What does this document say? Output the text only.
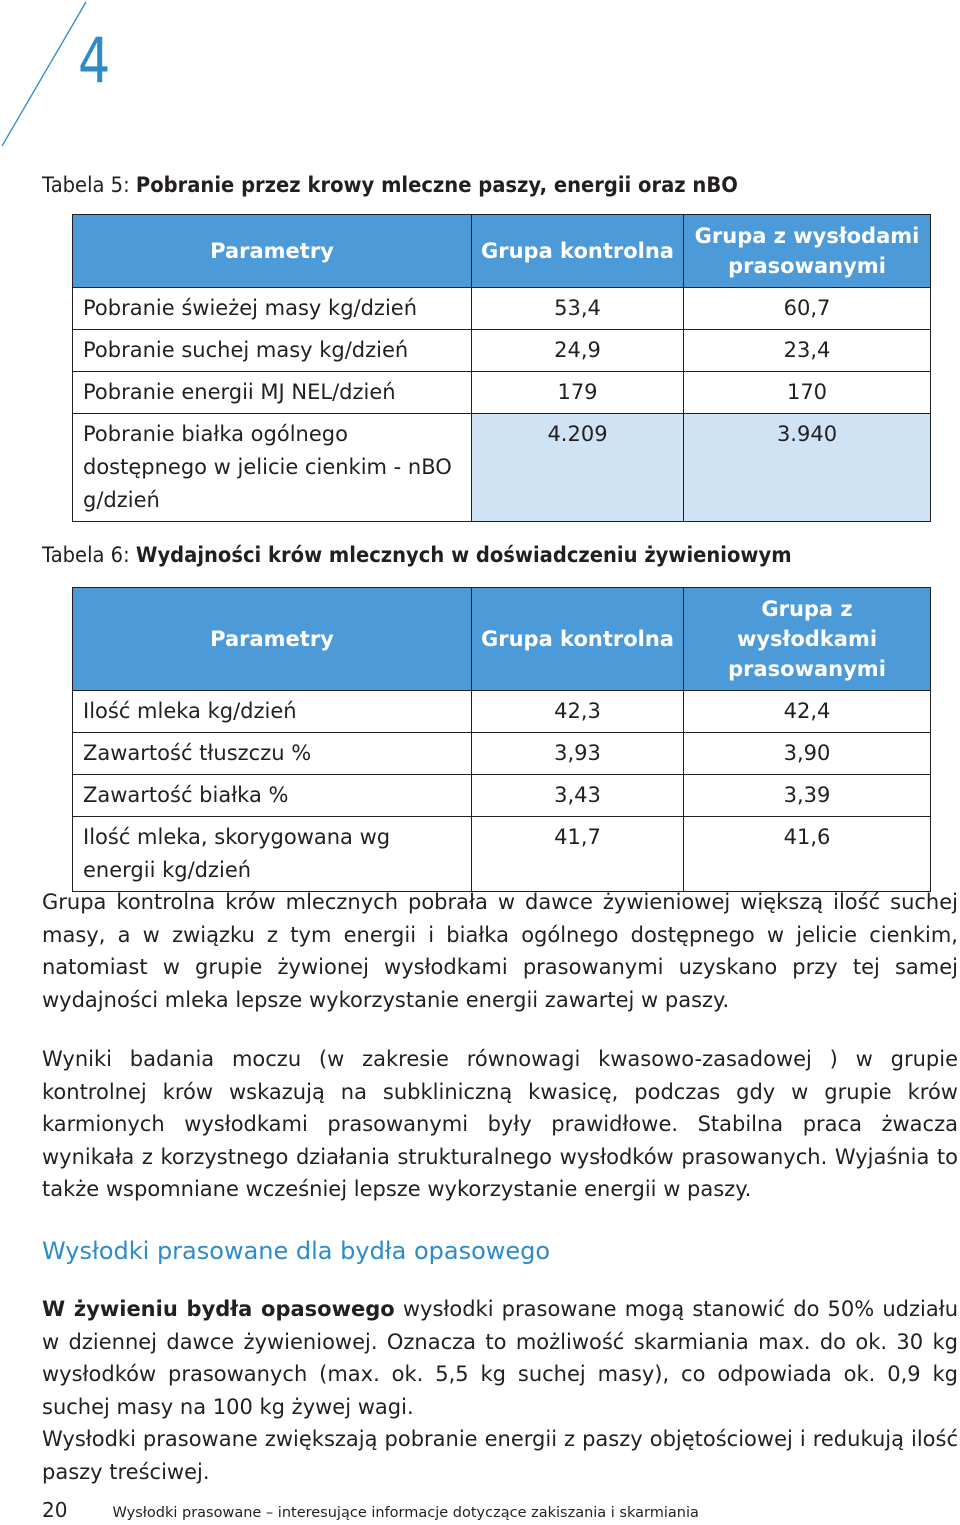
4
Tabela 5: Pobranie przez krowy mleczne paszy, energii oraz nBO
Parametry	Grupa kontrolna	Grupa z wysłodami prasowanymi
Pobranie świeżej masy kg/dzień	53,4	60,7
Pobranie suchej masy kg/dzień	24,9	23,4
Pobranie energii MJ NEL/dzień	179	170
Pobranie białka ogólnego dostępnego w jelicie cienkim - nBO g/dzień	4.209	3.940
Tabela 6: Wydajności krów mlecznych w doświadczeniu żywieniowym
Parametry	Grupa kontrolna	Grupa z wysłodkami prasowanymi
Ilość mleka kg/dzień	42,3	42,4
Zawartość tłuszczu %	3,93	3,90
Zawartość białka %	3,43	3,39
Ilość mleka, skorygowana wg energii kg/dzień	41,7	41,6

Grupa kontrolna krów mlecznych pobrała w dawce żywieniowej większą ilość suchej masy, a w związku z tym energii i białka ogólnego dostępnego w jelicie cienkim, natomiast w grupie żywionej wysłodkami prasowanymi uzyskano przy tej samej wydajności mleka lepsze wykorzystanie energii zawartej w paszy.

Wyniki badania moczu (w zakresie równowagi kwasowo-zasadowej ) w grupie kontrolnej krów wskazują na subkliniczną kwasicę, podczas gdy w grupie krów karmionych wysłodkami prasowanymi były prawidłowe. Stabilna praca żwacza wynikała z korzystnego działania strukturalnego wysłodków prasowanych. Wyjaśnia to także wspomniane wcześniej lepsze wykorzystanie energii w paszy.

Wysłodki prasowane dla bydła opasowego

W żywieniu bydła opasowego wysłodki prasowane mogą stanowić do 50% udziału w dziennej dawce żywieniowej. Oznacza to możliwość skarmiania max. do ok. 30 kg wysłodków prasowanych (max. ok. 5,5 kg suchej masy), co odpowiada ok. 0,9 kg suchej masy na 100 kg żywej wagi.
Wysłodki prasowane zwiększają pobranie energii z paszy objętościowej i redukują ilość paszy treściwej.

20	Wysłodki prasowane – interesujące informacje dotyczące zakiszania i skarmiania
